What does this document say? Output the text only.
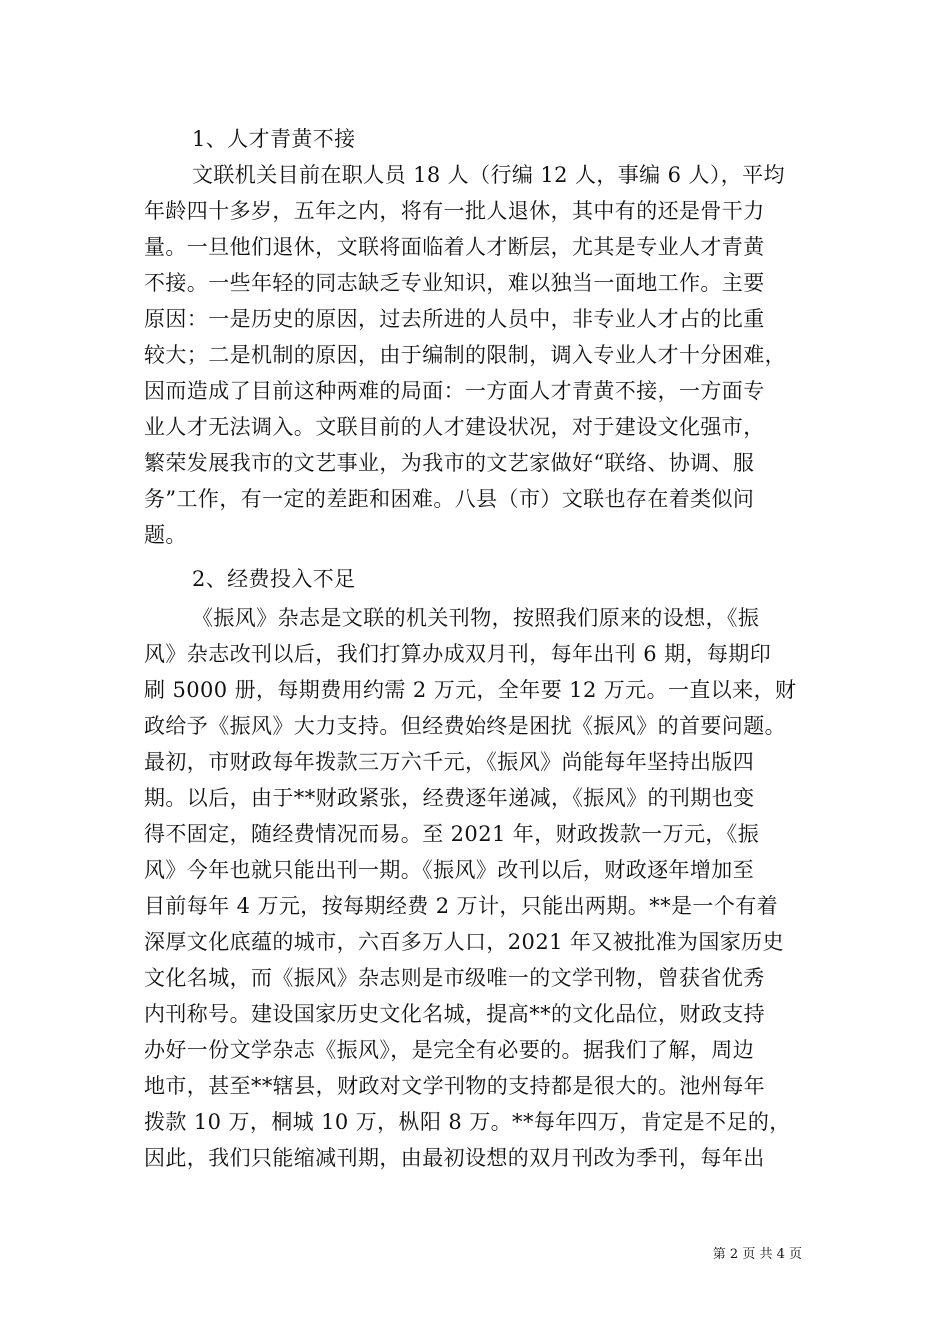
1、人才青黄不接
文联机关目前在职人员 18 人（行编 12 人，事编 6 人），平均
年龄四十多岁，五年之内，将有一批人退休，其中有的还是骨干力
量。一旦他们退休，文联将面临着人才断层，尤其是专业人才青黄
不接。一些年轻的同志缺乏专业知识，难以独当一面地工作。主要
原因：一是历史的原因，过去所进的人员中，非专业人才占的比重
较大；二是机制的原因，由于编制的限制，调入专业人才十分困难，
因而造成了目前这种两难的局面：一方面人才青黄不接，一方面专
业人才无法调入。文联目前的人才建设状况，对于建设文化强市，
繁荣发展我市的文艺事业，为我市的文艺家做好“联络、协调、服
务”工作，有一定的差距和困难。八县（市）文联也存在着类似问
题。
2、经费投入不足
《振风》杂志是文联的机关刊物，按照我们原来的设想，《振
风》杂志改刊以后，我们打算办成双月刊，每年出刊 6 期，每期印
刷 5000 册，每期费用约需 2 万元，全年要 12 万元。一直以来，财
政给予《振风》大力支持。但经费始终是困扰《振风》的首要问题。
最初，市财政每年拨款三万六千元，《振风》尚能每年坚持出版四
期。以后，由于**财政紧张，经费逐年递减，《振风》的刊期也变
得不固定，随经费情况而易。至 2021 年，财政拨款一万元，《振
风》今年也就只能出刊一期。《振风》改刊以后，财政逐年增加至
目前每年 4 万元，按每期经费 2 万计，只能出两期。**是一个有着
深厚文化底蕴的城市，六百多万人口，2021 年又被批准为国家历史
文化名城，而《振风》杂志则是市级唯一的文学刊物，曾获省优秀
内刊称号。建设国家历史文化名城，提高**的文化品位，财政支持
办好一份文学杂志《振风》，是完全有必要的。据我们了解，周边
地市，甚至**辖县，财政对文学刊物的支持都是很大的。池州每年
拨款 10 万，桐城 10 万，枞阳 8 万。**每年四万，肯定是不足的，
因此，我们只能缩减刊期，由最初设想的双月刊改为季刊，每年出
第 2 页 共 4 页
